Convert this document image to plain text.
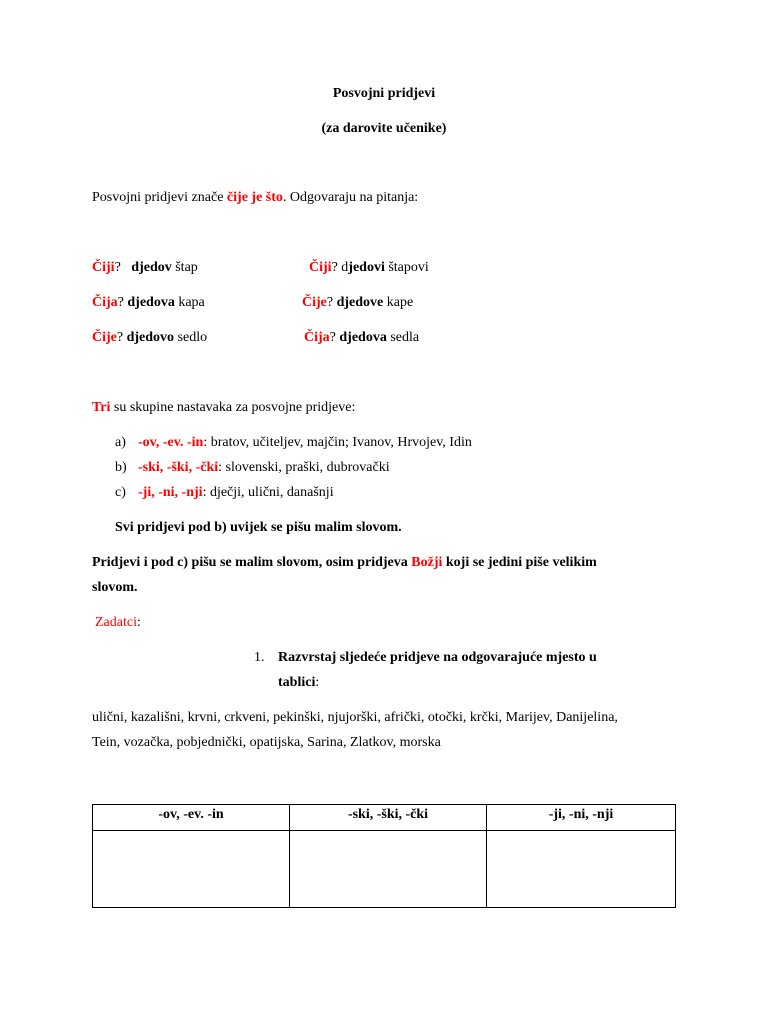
Posvojni pridjevi
(za darovite učenike)
Posvojni pridjevi znače čije je što. Odgovaraju na pitanja:
Čiji?   djedov štap	Čiji? djedovi štapovi
Čija? djedova kapa	Čije? djedove kape
Čije? djedovo sedlo	Čija? djedova sedla
Tri su skupine nastavaka za posvojne pridjeve:
a) -ov, -ev. -in: bratov, učiteljev, majčin; Ivanov, Hrvojev, Idin
b) -ski, -ški, -čki: slovenski, praški, dubrovački
c) -ji, -ni, -nji: dječji, ulični, današnji
Svi pridjevi pod b) uvijek se pišu malim slovom.
Pridjevi i pod c) pišu se malim slovom, osim pridjeva Božji koji se jedini piše velikim
slovom.
Zadatci:
1. Razvrstaj sljedeće pridjeve na odgovarajuće mjesto u
tablici:
ulični, kazališni, krvni, crkveni, pekinški, njujorški, afrički, otočki, krčki, Marijev, Danijelina,
Tein, vozačka, pobjednički, opatijska, Sarina, Zlatkov, morska
-ov, -ev. -in	-ski, -ški, -čki	-ji, -ni, -nji
